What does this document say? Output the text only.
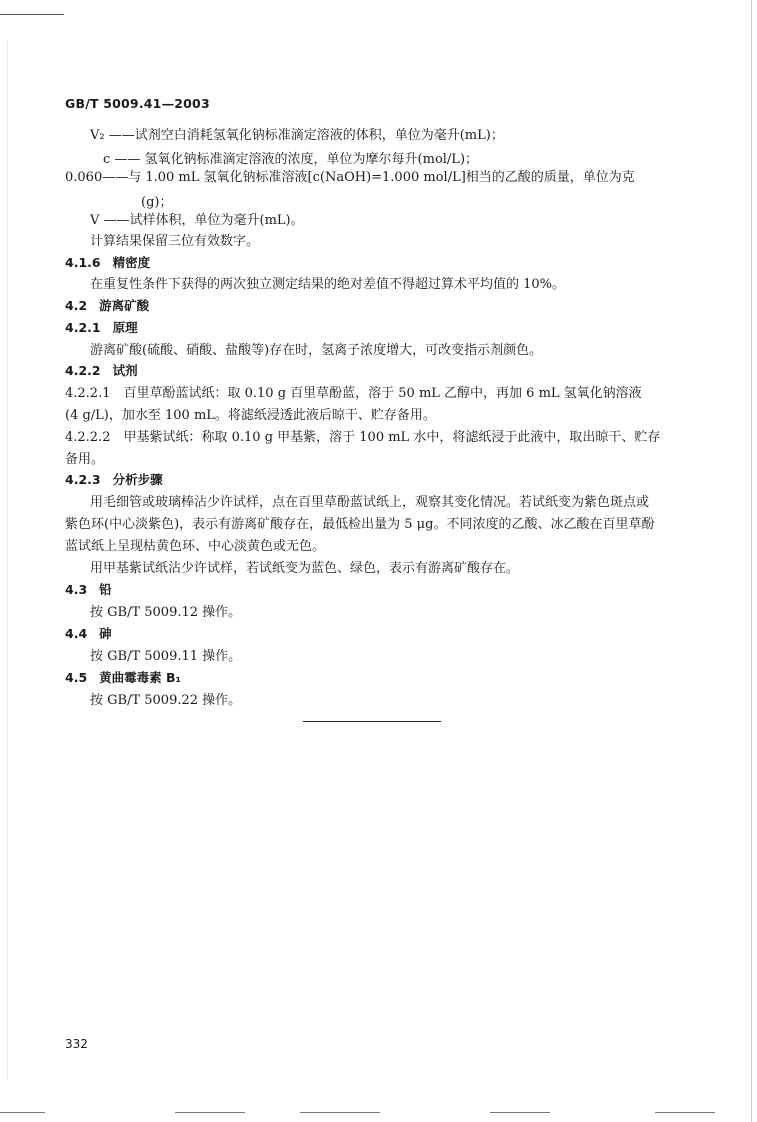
GB/T 5009.41—2003
V₂ ——试剂空白消耗氢氧化钠标准滴定溶液的体积，单位为毫升(mL)；
c —— 氢氧化钠标准滴定溶液的浓度，单位为摩尔每升(mol/L)；
0.060——与 1.00 mL 氢氧化钠标准溶液[c(NaOH)=1.000 mol/L]相当的乙酸的质量，单位为克
(g)；
V ——试样体积，单位为毫升(mL)。
计算结果保留三位有效数字。
4.1.6 精密度
在重复性条件下获得的两次独立测定结果的绝对差值不得超过算术平均值的 10%。
4.2 游离矿酸
4.2.1 原理
游离矿酸(硫酸、硝酸、盐酸等)存在时，氢离子浓度增大，可改变指示剂颜色。
4.2.2 试剂
4.2.2.1　百里草酚蓝试纸：取 0.10 g 百里草酚蓝，溶于 50 mL 乙醇中，再加 6 mL 氢氧化钠溶液
(4 g/L)，加水至 100 mL。将滤纸浸透此液后晾干、贮存备用。
4.2.2.2　甲基紫试纸：称取 0.10 g 甲基紫，溶于 100 mL 水中，将滤纸浸于此液中，取出晾干、贮存
备用。
4.2.3 分析步骤
用毛细管或玻璃棒沾少许试样，点在百里草酚蓝试纸上，观察其变化情况。若试纸变为紫色斑点或
紫色环(中心淡紫色)，表示有游离矿酸存在，最低检出量为 5 μg。不同浓度的乙酸、冰乙酸在百里草酚
蓝试纸上呈现枯黄色环、中心淡黄色或无色。
用甲基紫试纸沾少许试样，若试纸变为蓝色、绿色，表示有游离矿酸存在。
4.3 铅
按 GB/T 5009.12 操作。
4.4 砷
按 GB/T 5009.11 操作。
4.5 黄曲霉毒素 B₁
按 GB/T 5009.22 操作。
332
